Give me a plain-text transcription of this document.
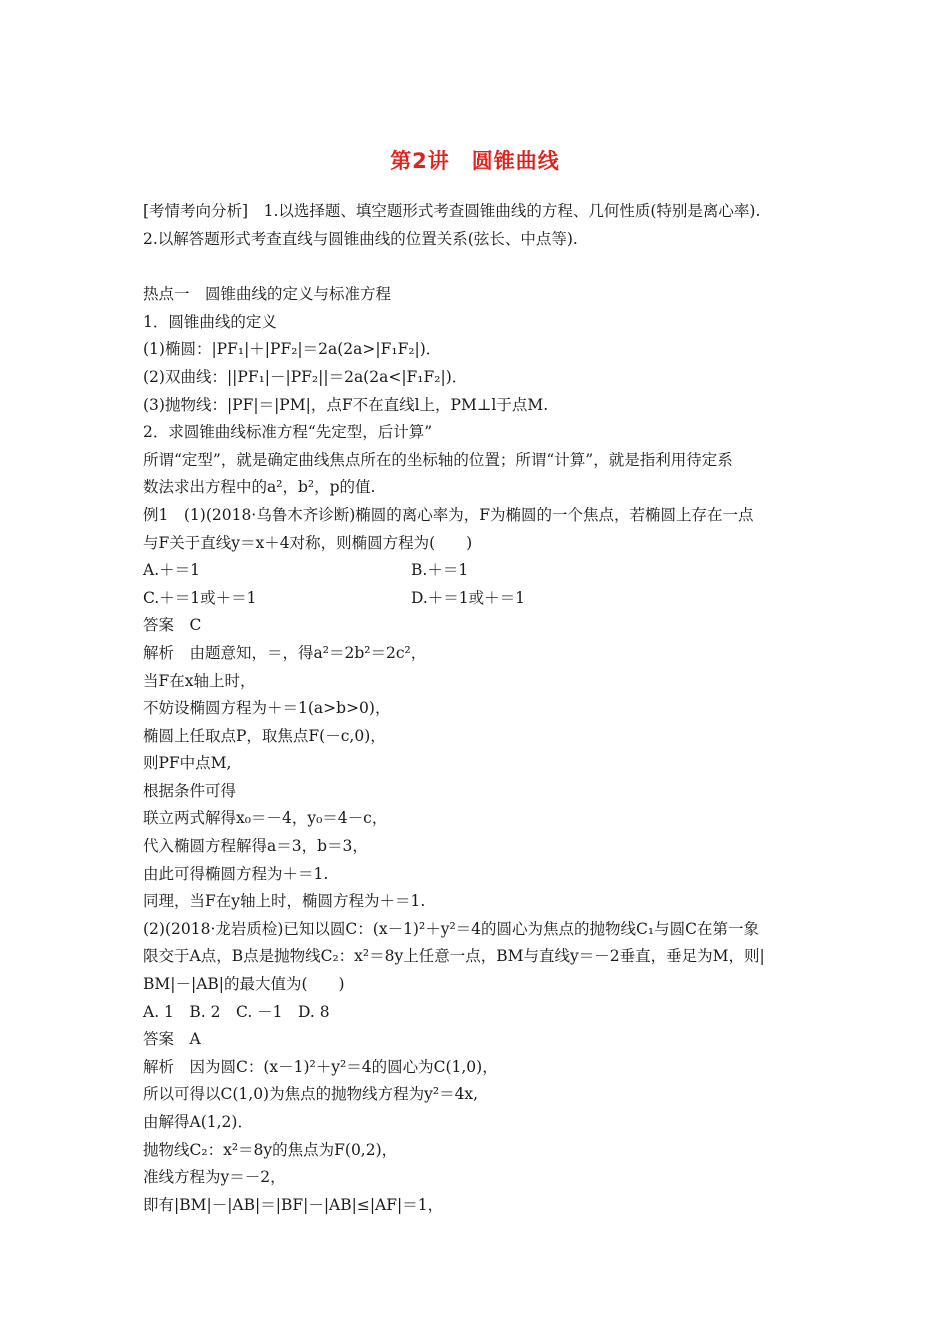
第2讲　圆锥曲线
[考情考向分析]　1.以选择题、填空题形式考查圆锥曲线的方程、几何性质(特别是离心率).
2.以解答题形式考查直线与圆锥曲线的位置关系(弦长、中点等).
热点一　圆锥曲线的定义与标准方程
1．圆锥曲线的定义
(1)椭圆：|PF₁|＋|PF₂|＝2a(2a>|F₁F₂|)．
(2)双曲线：||PF₁|－|PF₂||＝2a(2a<|F₁F₂|)．
(3)抛物线：|PF|＝|PM|，点F不在直线l上，PM⊥l于点M.
2．求圆锥曲线标准方程“先定型，后计算”
所谓“定型”，就是确定曲线焦点所在的坐标轴的位置；所谓“计算”，就是指利用待定系
数法求出方程中的a²，b²，p的值.
例1　(1)(2018·乌鲁木齐诊断)椭圆的离心率为，F为椭圆的一个焦点，若椭圆上存在一点
与F关于直线y＝x＋4对称，则椭圆方程为(　　)
A.＋＝1	B.＋＝1
C.＋＝1或＋＝1	D.＋＝1或＋＝1
答案　C
解析　由题意知，＝，得a²＝2b²＝2c²，
当F在x轴上时，
不妨设椭圆方程为＋＝1(a>b>0)，
椭圆上任取点P，取焦点F(－c,0)，
则PF中点M,
根据条件可得
联立两式解得x₀＝－4，y₀＝4－c，
代入椭圆方程解得a＝3，b＝3，
由此可得椭圆方程为＋＝1.
同理，当F在y轴上时，椭圆方程为＋＝1.
(2)(2018·龙岩质检)已知以圆C：(x－1)²＋y²＝4的圆心为焦点的抛物线C₁与圆C在第一象
限交于A点，B点是抛物线C₂：x²＝8y上任意一点，BM与直线y＝－2垂直，垂足为M，则|
BM|－|AB|的最大值为(　　)
A. 1　B. 2　C. －1　D. 8
答案　A
解析　因为圆C：(x－1)²＋y²＝4的圆心为C(1,0)，
所以可得以C(1,0)为焦点的抛物线方程为y²＝4x,
由解得A(1,2)．
抛物线C₂：x²＝8y的焦点为F(0,2)，
准线方程为y＝－2，
即有|BM|－|AB|＝|BF|－|AB|≤|AF|＝1，
